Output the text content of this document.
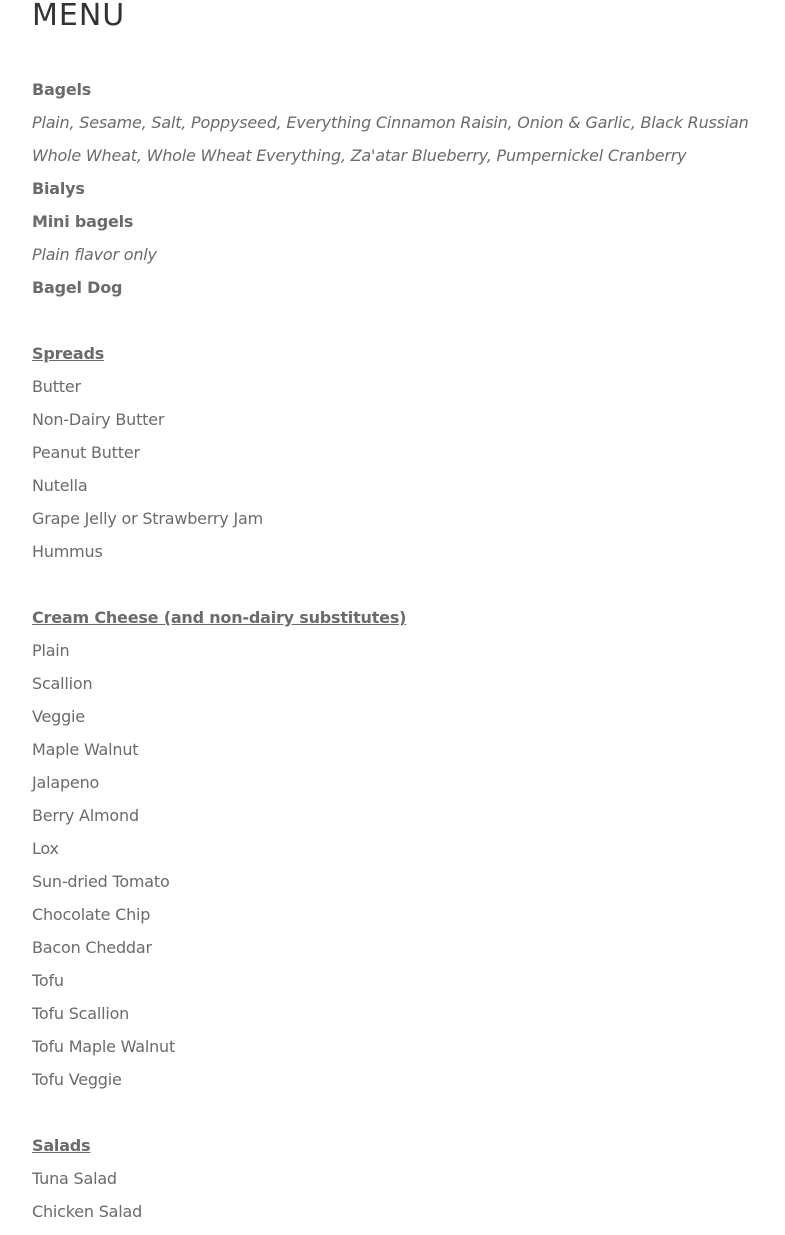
MENU
Bagels
Plain, Sesame, Salt, Poppyseed, Everything Cinnamon Raisin, Onion & Garlic, Black Russian
Whole Wheat, Whole Wheat Everything, Za'atar Blueberry, Pumpernickel Cranberry
Bialys
Mini bagels
Plain flavor only
Bagel Dog
Spreads
Butter
Non-Dairy Butter
Peanut Butter
Nutella
Grape Jelly or Strawberry Jam
Hummus
Cream Cheese (and non-dairy substitutes)
Plain
Scallion
Veggie
Maple Walnut
Jalapeno
Berry Almond
Lox
Sun-dried Tomato
Chocolate Chip
Bacon Cheddar
Tofu
Tofu Scallion
Tofu Maple Walnut
Tofu Veggie
Salads
Tuna Salad
Chicken Salad
